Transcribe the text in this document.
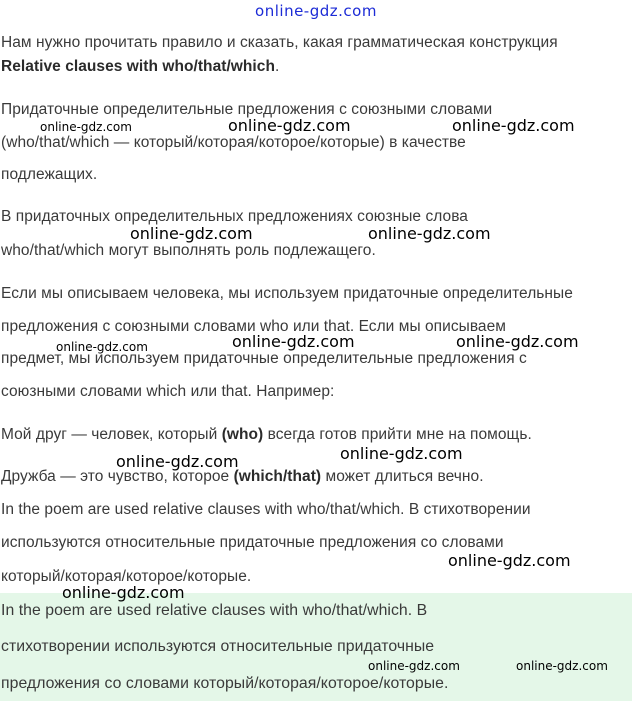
online-gdz.com
Нам нужно прочитать правило и сказать, какая грамматическая конструкция
Relative clauses with who/that/which.
Придаточные определительные предложения с союзными словами
(who/that/which — который/которая/которое/которые) в качестве
подлежащих.
В придаточных определительных предложениях союзные слова
who/that/which могут выполнять роль подлежащего.
Если мы описываем человека, мы используем придаточные определительные
предложения с союзными словами who или that. Если мы описываем
предмет, мы используем придаточные определительные предложения с
союзными словами which или that. Например:
Мой друг — человек, который (who) всегда готов прийти мне на помощь.
Дружба — это чувство, которое (which/that) может длиться вечно.
In the poem are used relative clauses with who/that/which. В стихотворении
используются относительные придаточные предложения со словами
который/которая/которое/которые.
In the poem are used relative clauses with who/that/which. В
стихотворении используются относительные придаточные
предложения со словами который/которая/которое/которые.
online-gdz.com	online-gdz.com	online-gdz.com
online-gdz.com	online-gdz.com
online-gdz.com	online-gdz.com	online-gdz.com
online-gdz.com
online-gdz.com
online-gdz.com
online-gdz.com
online-gdz.com	online-gdz.com
